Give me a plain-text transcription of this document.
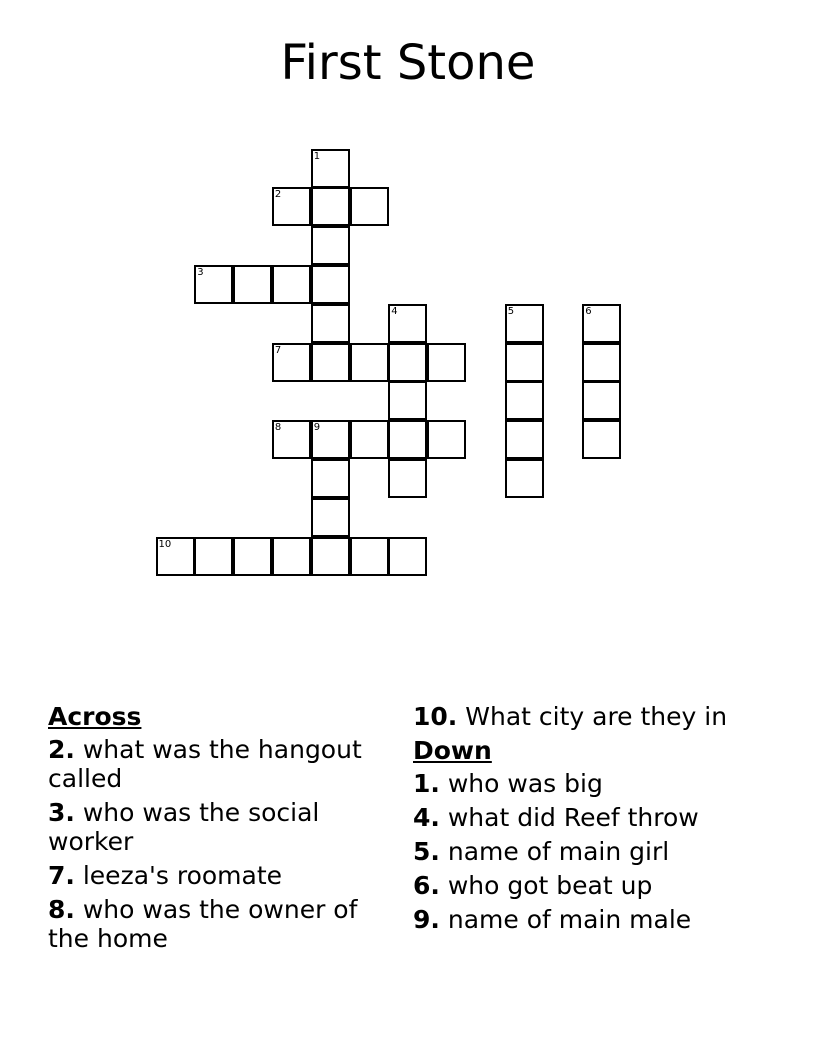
First Stone
1
2
3
4	5	6
7
8	9
10
Across
2. what was the hangout called
3. who was the social worker
7. leeza's roomate
8. who was the owner of the home
10. What city are they in
Down
1. who was big
4. what did Reef throw
5. name of main girl
6. who got beat up
9. name of main male
